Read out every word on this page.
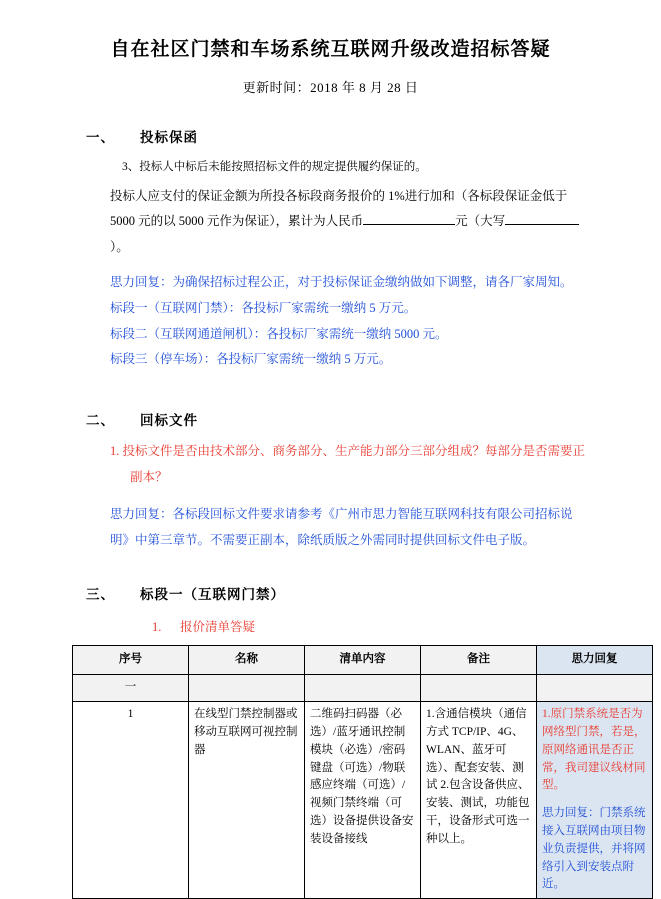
自在社区门禁和车场系统互联网升级改造招标答疑
更新时间：2018 年 8 月 28 日
一、 投标保函
3、投标人中标后未能按照招标文件的规定提供履约保证的。
投标人应支付的保证金额为所投各标段商务报价的 1%进行加和（各标段保证金低于 5000 元的以 5000 元作为保证），累计为人民币	元（大写）。
思力回复：为确保招标过程公正，对于投标保证金缴纳做如下调整，请各厂家周知。
标段一（互联网门禁）：各投标厂家需统一缴纳 5 万元。
标段二（互联网通道闸机）：各投标厂家需统一缴纳 5000 元。
标段三（停车场）：各投标厂家需统一缴纳 5 万元。
二、 回标文件
1. 投标文件是否由技术部分、商务部分、生产能力部分三部分组成？每部分是否需要正副本？
思力回复：各标段回标文件要求请参考《广州市思力智能互联网科技有限公司招标说明》中第三章节。不需要正副本，除纸质版之外需同时提供回标文件电子版。
三、 标段一（互联网门禁）
1. 报价清单答疑
序号	名称	清单内容	备注	思力回复
一				
1	在线型门禁控制器或移动互联网可视控制器	二维码扫码器（必选）/蓝牙通讯控制模块（必选）/密码键盘（可选）/物联感应终端（可选）/视频门禁终端（可选）设备提供设备安装设备接线	1.含通信模块（通信方式 TCP/IP、4G、 WLAN、蓝牙可选）、配套安装、测试 2.包含设备供应、安装、测试，功能包干，设备形式可选一种以上。	1.原门禁系统是否为网络型门禁，若是，原网络通讯是否正常，我司建议线材同型。
思力回复：门禁系统接入互联网由项目物业负责提供，并将网络引入到安装点附近。
